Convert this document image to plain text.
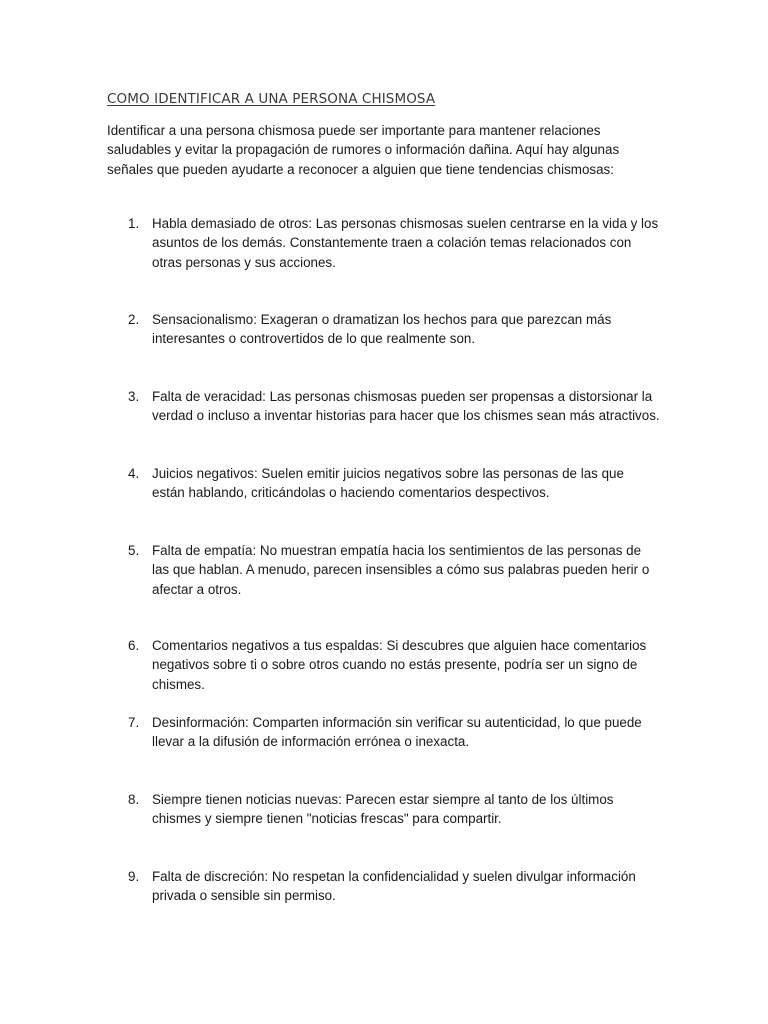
COMO IDENTIFICAR A UNA PERSONA CHISMOSA

Identificar a una persona chismosa puede ser importante para mantener relaciones saludables y evitar la propagación de rumores o información dañina. Aquí hay algunas señales que pueden ayudarte a reconocer a alguien que tiene tendencias chismosas:

1. Habla demasiado de otros: Las personas chismosas suelen centrarse en la vida y los asuntos de los demás. Constantemente traen a colación temas relacionados con otras personas y sus acciones.
2. Sensacionalismo: Exageran o dramatizan los hechos para que parezcan más interesantes o controvertidos de lo que realmente son.
3. Falta de veracidad: Las personas chismosas pueden ser propensas a distorsionar la verdad o incluso a inventar historias para hacer que los chismes sean más atractivos.
4. Juicios negativos: Suelen emitir juicios negativos sobre las personas de las que están hablando, criticándolas o haciendo comentarios despectivos.
5. Falta de empatía: No muestran empatía hacia los sentimientos de las personas de las que hablan. A menudo, parecen insensibles a cómo sus palabras pueden herir o afectar a otros.
6. Comentarios negativos a tus espaldas: Si descubres que alguien hace comentarios negativos sobre ti o sobre otros cuando no estás presente, podría ser un signo de chismes.
7. Desinformación: Comparten información sin verificar su autenticidad, lo que puede llevar a la difusión de información errónea o inexacta.
8. Siempre tienen noticias nuevas: Parecen estar siempre al tanto de los últimos chismes y siempre tienen "noticias frescas" para compartir.
9. Falta de discreción: No respetan la confidencialidad y suelen divulgar información privada o sensible sin permiso.
